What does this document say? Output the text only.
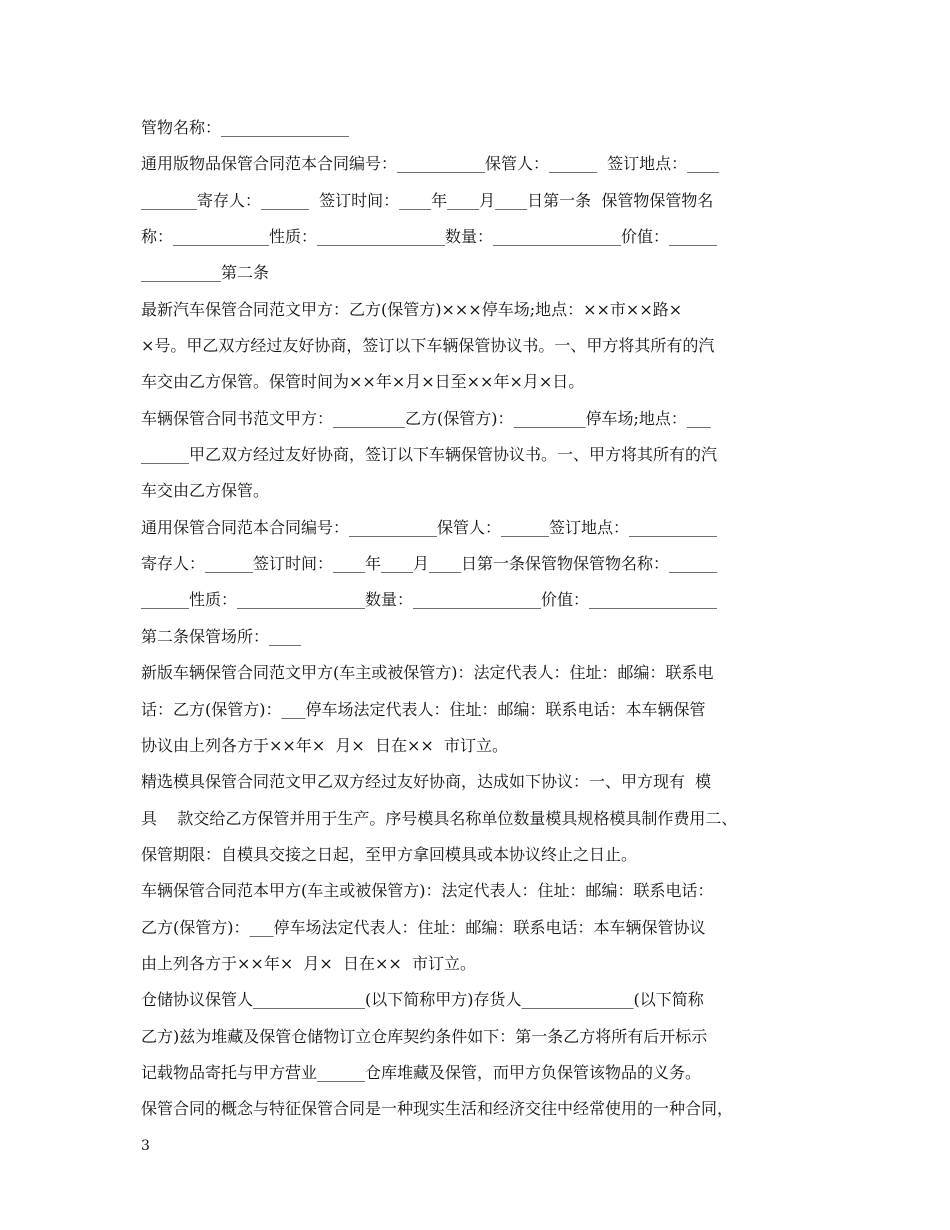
管物名称：________________
通用版物品保管合同范本合同编号：___________保管人：______  签订地点：____
_______寄存人：______  签订时间：____年____月____日第一条  保管物保管物名
称：____________性质：________________数量：________________价值：______
__________第二条
最新汽车保管合同范文甲方：乙方(保管方)×××停车场;地点：××市××路×
×号。甲乙双方经过友好协商，签订以下车辆保管协议书。一、甲方将其所有的汽
车交由乙方保管。保管时间为××年×月×日至××年×月×日。
车辆保管合同书范文甲方：_________乙方(保管方)：_________停车场;地点：___
______甲乙双方经过友好协商，签订以下车辆保管协议书。一、甲方将其所有的汽
车交由乙方保管。
通用保管合同范本合同编号：___________保管人：______签订地点：___________
寄存人：______签订时间：____年____月____日第一条保管物保管物名称：______
______性质：________________数量：________________价值：________________
第二条保管场所：____
新版车辆保管合同范文甲方(车主或被保管方)：法定代表人：住址：邮编：联系电
话：乙方(保管方)：___停车场法定代表人：住址：邮编：联系电话：本车辆保管
协议由上列各方于××年×  月×  日在××  市订立。
精选模具保管合同范文甲乙双方经过友好协商，达成如下协议：一、甲方现有  模
具    款交给乙方保管并用于生产。序号模具名称单位数量模具规格模具制作费用二、
保管期限：自模具交接之日起，至甲方拿回模具或本协议终止之日止。
车辆保管合同范本甲方(车主或被保管方)：法定代表人：住址：邮编：联系电话：
乙方(保管方)：___停车场法定代表人：住址：邮编：联系电话：本车辆保管协议
由上列各方于××年×  月×  日在××  市订立。
仓储协议保管人______________(以下简称甲方)存货人______________(以下简称
乙方)兹为堆藏及保管仓储物订立仓库契约条件如下：第一条乙方将所有后开标示
记载物品寄托与甲方营业______仓库堆藏及保管，而甲方负保管该物品的义务。
保管合同的概念与特征保管合同是一种现实生活和经济交往中经常使用的一种合同，
3
